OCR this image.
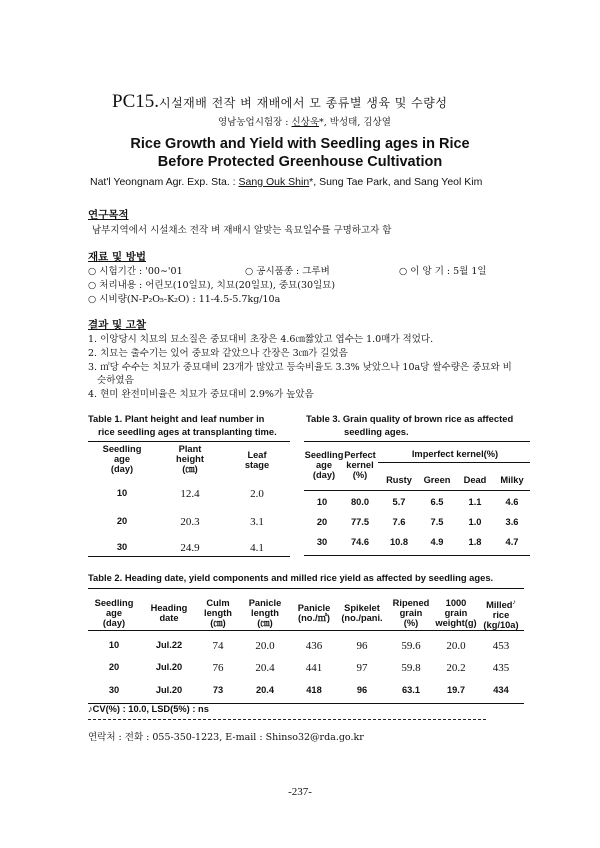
PC15.시설재배 전작 벼 재배에서 모 종류별 생육 및 수량성
영남농업시험장 : 신상욱*, 박성태, 김상열
Rice Growth and Yield with Seedling ages in Rice
Before Protected Greenhouse Cultivation
Nat'l Yeongnam Agr. Exp. Sta. : Sang Ouk Shin*, Sung Tae Park, and Sang Yeol Kim
연구목적
남부지역에서 시설채소 전작 벼 재배시 알맞는 육묘일수를 구명하고자 함
재료 및 방법
○ 시험기간 : '00∼'01	○ 공시품종 : 그루벼	○ 이 앙 기 : 5월 1일
○ 처리내용 : 어린모(10일묘), 치묘(20일묘), 중묘(30일묘)
○ 시비량(N-P₂O₅-K₂O) : 11-4.5-5.7kg/10a
결과 및 고찰
1. 이앙당시 치묘의 묘소질은 중묘대비 초장은 4.6㎝짧았고 엽수는 1.0매가 적었다.
2. 치묘는 출수기는 있어 중묘와 같았으나 간장은 3㎝가 길었음
3. ㎡당 수수는 치묘가 중묘대비 23개가 많았고 등숙비율도 3.3% 낮았으나 10a당 쌀수량은 중묘와 비
슷하였음
4. 현미 완전미비율은 치묘가 중묘대비 2.9%가 높았음
Table 1. Plant height and leaf number in
rice seedling ages at transplanting time.
Seedling
age
(day)
Plant
height
(㎝)
Leaf
stage
10	12.4	2.0
20	20.3	3.1
30	24.9	4.1
Table 3. Grain quality of brown rice as affected
seedling ages.
Seedling
age
(day)
Perfect
kernel
(%)
Imperfect kernel(%)
Rusty	Green	Dead	Milky
10	80.0	5.7	6.5	1.1	4.6
20	77.5	7.6	7.5	1.0	3.6
30	74.6	10.8	4.9	1.8	4.7
Table 2. Heading date, yield components and milled rice yield as affected by seedling ages.
Seedling
age
(day)
Heading
date
Culm
length
(㎝)
Panicle
length
(㎝)
Panicle
(no./㎡)
Spikelet
(no./pani.
Ripened
grain
(%)
1000
grain
weight(g)
Milled♪
rice
(kg/10a)
10	Jul.22	74	20.0	436	96	59.6	20.0	453
20	Jul.20	76	20.4	441	97	59.8	20.2	435
30	Jul.20	73	20.4	418	96	63.1	19.7	434
♪CV(%) : 10.0, LSD(5%) : ns
연락처 : 전화 : 055-350-1223, E-mail : Shinso32@rda.go.kr
-237-
